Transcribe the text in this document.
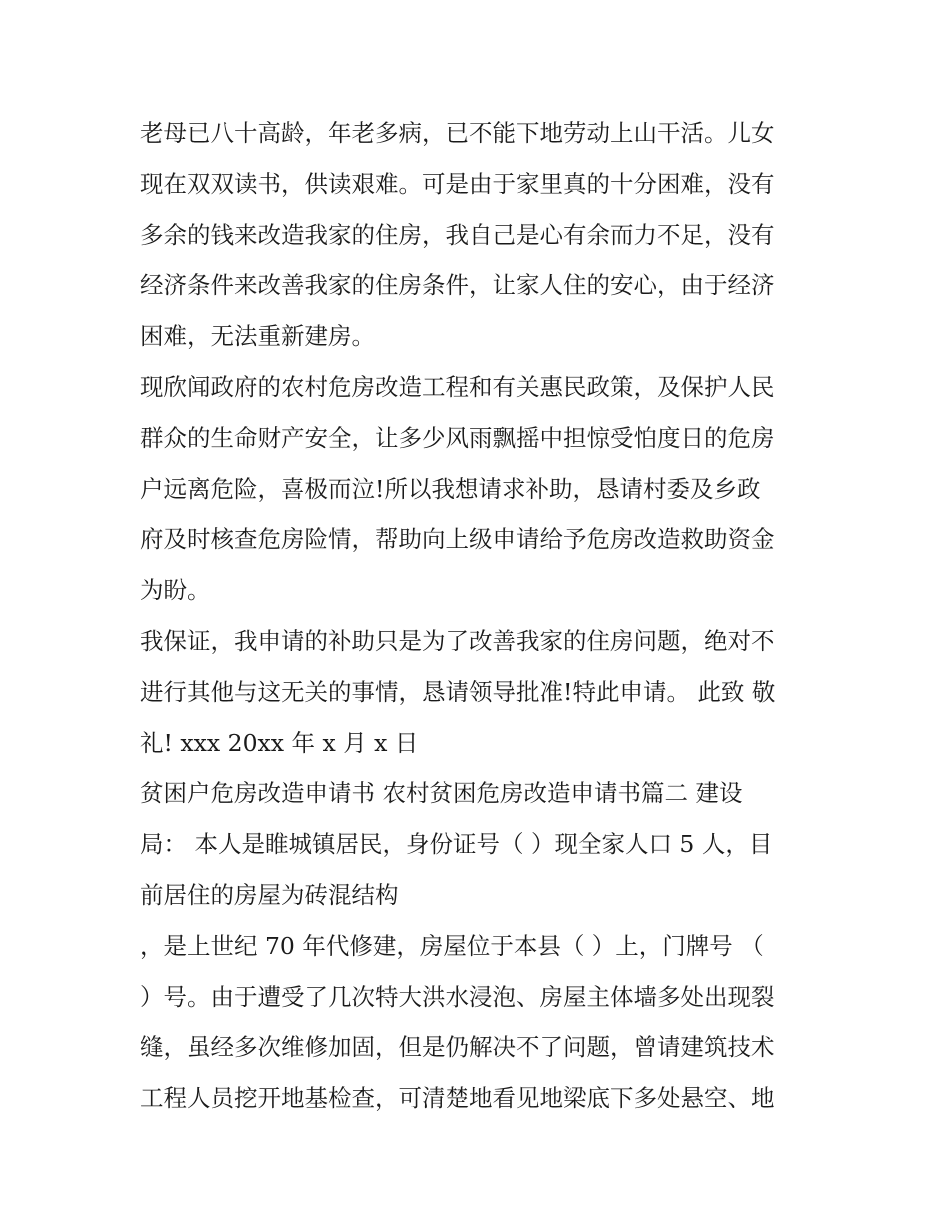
老母已八十高龄，年老多病，已不能下地劳动上山干活。儿女
现在双双读书，供读艰难。可是由于家里真的十分困难，没有
多余的钱来改造我家的住房，我自己是心有余而力不足，没有
经济条件来改善我家的住房条件，让家人住的安心，由于经济
困难，无法重新建房。
现欣闻政府的农村危房改造工程和有关惠民政策，及保护人民
群众的生命财产安全，让多少风雨飘摇中担惊受怕度日的危房
户远离危险，喜极而泣!所以我想请求补助，恳请村委及乡政
府及时核查危房险情，帮助向上级申请给予危房改造救助资金
为盼。
我保证，我申请的补助只是为了改善我家的住房问题，绝对不
进行其他与这无关的事情，恳请领导批准!特此申请。 此致 敬
礼! xxx 20xx 年 x 月 x 日
贫困户危房改造申请书 农村贫困危房改造申请书篇二 建设
局： 本人是睢城镇居民，身份证号（ ）现全家人口 5 人，目
前居住的房屋为砖混结构
，是上世纪 70 年代修建，房屋位于本县（ ）上，门牌号 （
）号。由于遭受了几次特大洪水浸泡、房屋主体墙多处出现裂
缝，虽经多次维修加固，但是仍解决不了问题，曾请建筑技术
工程人员挖开地基检查，可清楚地看见地梁底下多处悬空、地
